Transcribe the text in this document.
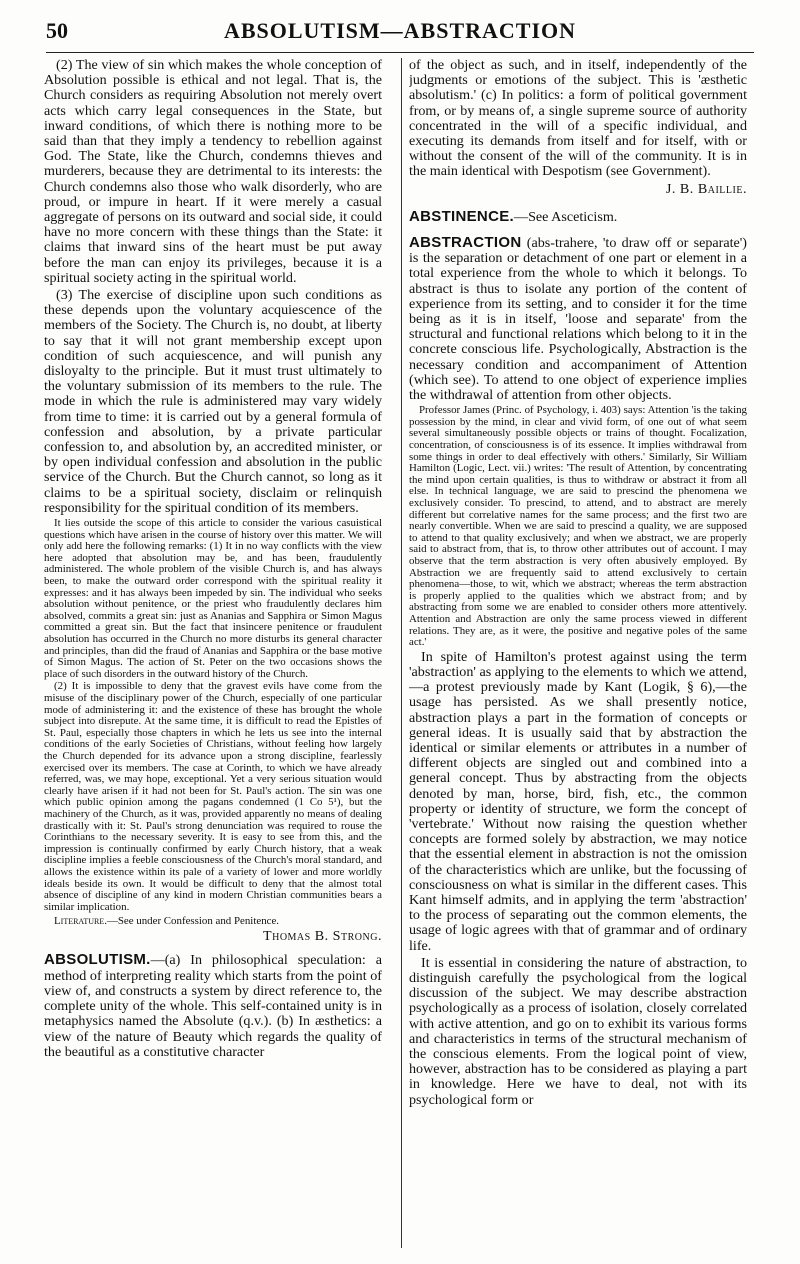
50	ABSOLUTISM—ABSTRACTION

(2) The view of sin which makes the whole conception of Absolution possible is ethical and not legal. That is, the Church considers as requiring Absolution not merely overt acts which carry legal consequences in the State, but inward conditions, of which there is nothing more to be said than that they imply a tendency to rebellion against God. The State, like the Church, condemns thieves and murderers, because they are detrimental to its interests: the Church condemns also those who walk disorderly, who are proud, or impure in heart. If it were merely a casual aggregate of persons on its outward and social side, it could have no more concern with these things than the State: it claims that inward sins of the heart must be put away before the man can enjoy its privileges, because it is a spiritual society acting in the spiritual world.

(3) The exercise of discipline upon such conditions as these depends upon the voluntary acquiescence of the members of the Society. The Church is, no doubt, at liberty to say that it will not grant membership except upon condition of such acquiescence, and will punish any disloyalty to the principle. But it must trust ultimately to the voluntary submission of its members to the rule. The mode in which the rule is administered may vary widely from time to time: it is carried out by a general formula of confession and absolution, by a private particular confession to, and absolution by, an accredited minister, or by open individual confession and absolution in the public service of the Church. But the Church cannot, so long as it claims to be a spiritual society, disclaim or relinquish responsibility for the spiritual condition of its members.

It lies outside the scope of this article to consider the various casuistical questions which have arisen in the course of history over this matter. We will only add here the following remarks: (1) It in no way conflicts with the view here adopted that absolution may be, and has been, fraudulently administered. The whole problem of the visible Church is, and has always been, to make the outward order correspond with the spiritual reality it expresses: and it has always been impeded by sin. The individual who seeks absolution without penitence, or the priest who fraudulently declares him absolved, commits a great sin: just as Ananias and Sapphira or Simon Magus committed a great sin. But the fact that insincere penitence or fraudulent absolution has occurred in the Church no more disturbs its general character and principles, than did the fraud of Ananias and Sapphira or the base motive of Simon Magus. The action of St. Peter on the two occasions shows the place of such disorders in the outward history of the Church.

(2) It is impossible to deny that the gravest evils have come from the misuse of the disciplinary power of the Church, especially of one particular mode of administering it: and the existence of these has brought the whole subject into disrepute. At the same time, it is difficult to read the Epistles of St. Paul, especially those chapters in which he lets us see into the internal conditions of the early Societies of Christians, without feeling how largely the Church depended for its advance upon a strong discipline, fearlessly exercised over its members. The case at Corinth, to which we have already referred, was, we may hope, exceptional. Yet a very serious situation would clearly have arisen if it had not been for St. Paul's action. The sin was one which public opinion among the pagans condemned (1 Co 5¹), but the machinery of the Church, as it was, provided apparently no means of dealing drastically with it: St. Paul's strong denunciation was required to rouse the Corinthians to the necessary severity. It is easy to see from this, and the impression is continually confirmed by early Church history, that a weak discipline implies a feeble consciousness of the Church's moral standard, and allows the existence within its pale of a variety of lower and more worldly ideals beside its own. It would be difficult to deny that the almost total absence of discipline of any kind in modern Christian communities bears a similar implication.

Literature.—See under Confession and Penitence.

Thomas B. Strong.

ABSOLUTISM.—(a) In philosophical speculation: a method of interpreting reality which starts from the point of view of, and constructs a system by direct reference to, the complete unity of the whole. This self-contained unity is in metaphysics named the Absolute (q.v.). (b) In æsthetics: a view of the nature of Beauty which regards the quality of the beautiful as a constitutive character

of the object as such, and in itself, independently of the judgments or emotions of the subject. This is 'æsthetic absolutism.' (c) In politics: a form of political government from, or by means of, a single supreme source of authority concentrated in the will of a specific individual, and executing its demands from itself and for itself, with or without the consent of the will of the community. It is in the main identical with Despotism (see Government).

J. B. Baillie.

ABSTINENCE.—See Asceticism.

ABSTRACTION (abs-trahere, 'to draw off or separate') is the separation or detachment of one part or element in a total experience from the whole to which it belongs. To abstract is thus to isolate any portion of the content of experience from its setting, and to consider it for the time being as it is in itself, 'loose and separate' from the structural and functional relations which belong to it in the concrete conscious life. Psychologically, Abstraction is the necessary condition and accompaniment of Attention (which see). To attend to one object of experience implies the withdrawal of attention from other objects.

Professor James (Princ. of Psychology, i. 403) says: Attention 'is the taking possession by the mind, in clear and vivid form, of one out of what seem several simultaneously possible objects or trains of thought. Focalization, concentration, of consciousness is of its essence. It implies withdrawal from some things in order to deal effectively with others.' Similarly, Sir William Hamilton (Logic, Lect. vii.) writes: 'The result of Attention, by concentrating the mind upon certain qualities, is thus to withdraw or abstract it from all else. In technical language, we are said to prescind the phenomena we exclusively consider. To prescind, to attend, and to abstract are merely different but correlative names for the same process; and the first two are nearly convertible. When we are said to prescind a quality, we are supposed to attend to that quality exclusively; and when we abstract, we are properly said to abstract from, that is, to throw other attributes out of account. I may observe that the term abstraction is very often abusively employed. By Abstraction we are frequently said to attend exclusively to certain phenomena—those, to wit, which we abstract; whereas the term abstraction is properly applied to the qualities which we abstract from; and by abstracting from some we are enabled to consider others more attentively. Attention and Abstraction are only the same process viewed in different relations. They are, as it were, the positive and negative poles of the same act.'

In spite of Hamilton's protest against using the term 'abstraction' as applying to the elements to which we attend,—a protest previously made by Kant (Logik, § 6),—the usage has persisted. As we shall presently notice, abstraction plays a part in the formation of concepts or general ideas. It is usually said that by abstraction the identical or similar elements or attributes in a number of different objects are singled out and combined into a general concept. Thus by abstracting from the objects denoted by man, horse, bird, fish, etc., the common property or identity of structure, we form the concept of 'vertebrate.' Without now raising the question whether concepts are formed solely by abstraction, we may notice that the essential element in abstraction is not the omission of the characteristics which are unlike, but the focussing of consciousness on what is similar in the different cases. This Kant himself admits, and in applying the term 'abstraction' to the process of separating out the common elements, the usage of logic agrees with that of grammar and of ordinary life.

It is essential in considering the nature of abstraction, to distinguish carefully the psychological from the logical discussion of the subject. We may describe abstraction psychologically as a process of isolation, closely correlated with active attention, and go on to exhibit its various forms and characteristics in terms of the structural mechanism of the conscious elements. From the logical point of view, however, abstraction has to be considered as playing a part in knowledge. Here we have to deal, not with its psychological form or
